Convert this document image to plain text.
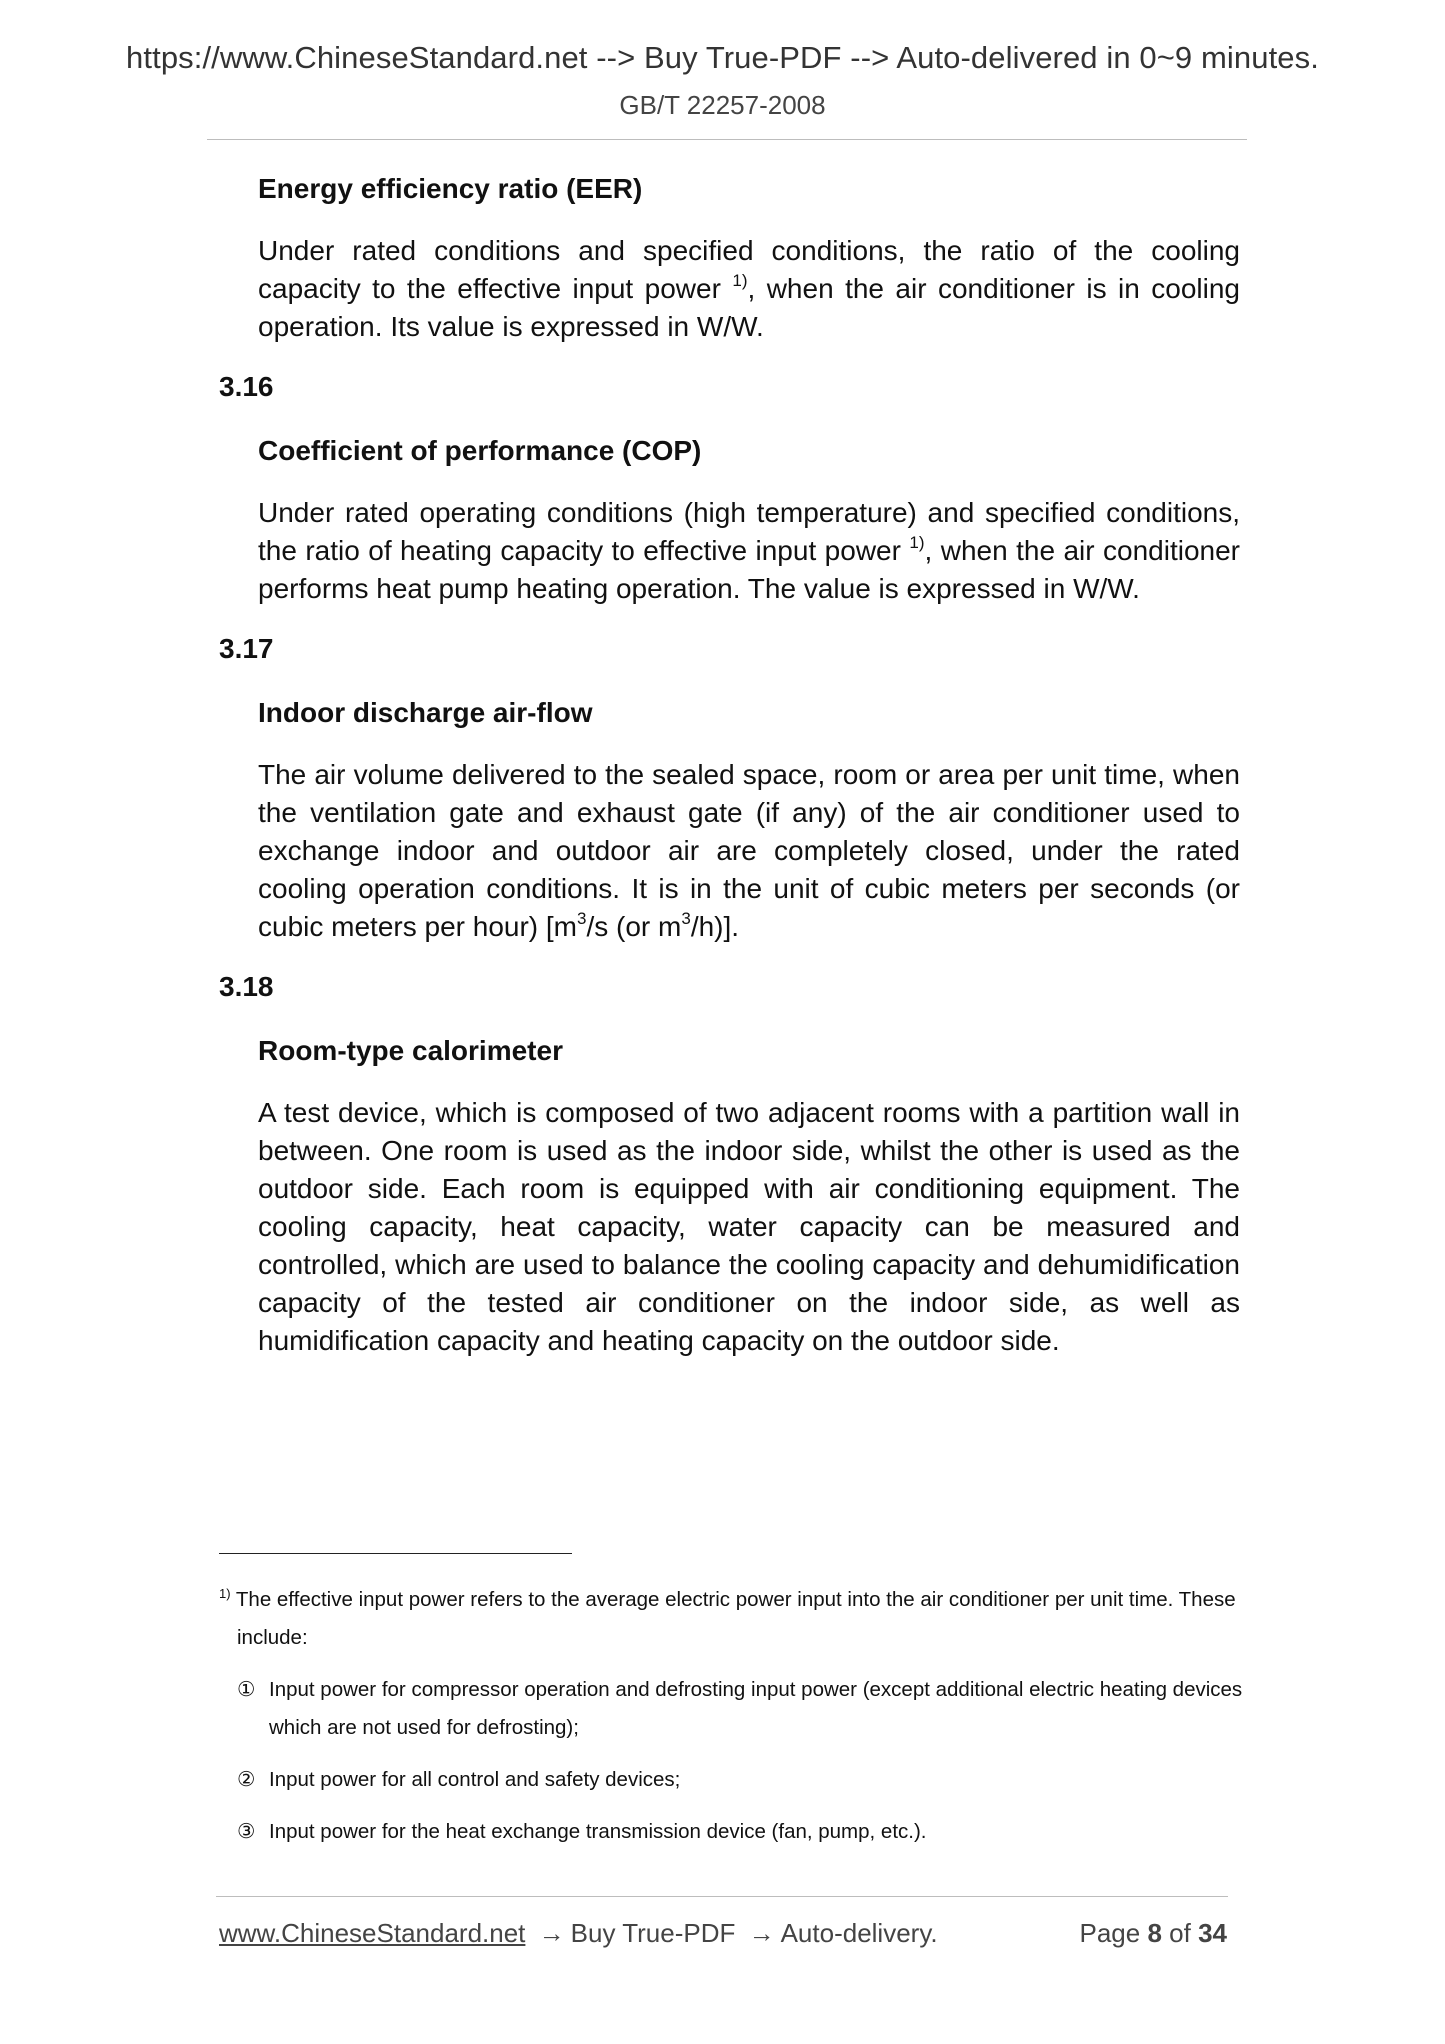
https://www.ChineseStandard.net --> Buy True-PDF --> Auto-delivered in 0~9 minutes.
GB/T 22257-2008
Energy efficiency ratio (EER)
Under rated conditions and specified conditions, the ratio of the cooling capacity to the effective input power $^{1)}$, when the air conditioner is in cooling operation. Its value is expressed in W/W.
3.16
Coefficient of performance (COP)
Under rated operating conditions (high temperature) and specified conditions, the ratio of heating capacity to effective input power $^{1)}$, when the air conditioner performs heat pump heating operation. The value is expressed in W/W.
3.17
Indoor discharge air-flow
The air volume delivered to the sealed space, room or area per unit time, when the ventilation gate and exhaust gate (if any) of the air conditioner used to exchange indoor and outdoor air are completely closed, under the rated cooling operation conditions. It is in the unit of cubic meters per seconds (or cubic meters per hour) [$m^3/s$ (or $m^3/h$)].
3.18
Room-type calorimeter
A test device, which is composed of two adjacent rooms with a partition wall in between. One room is used as the indoor side, whilst the other is used as the outdoor side. Each room is equipped with air conditioning equipment. The cooling capacity, heat capacity, water capacity can be measured and controlled, which are used to balance the cooling capacity and dehumidification capacity of the tested air conditioner on the indoor side, as well as humidification capacity and heating capacity on the outdoor side.
$^{1)}$ The effective input power refers to the average electric power input into the air conditioner per unit time. These include:
① Input power for compressor operation and defrosting input power (except additional electric heating devices which are not used for defrosting);
② Input power for all control and safety devices;
③ Input power for the heat exchange transmission device (fan, pump, etc.).
www.ChineseStandard.net → Buy True-PDF → Auto-delivery.	Page 8 of 34
